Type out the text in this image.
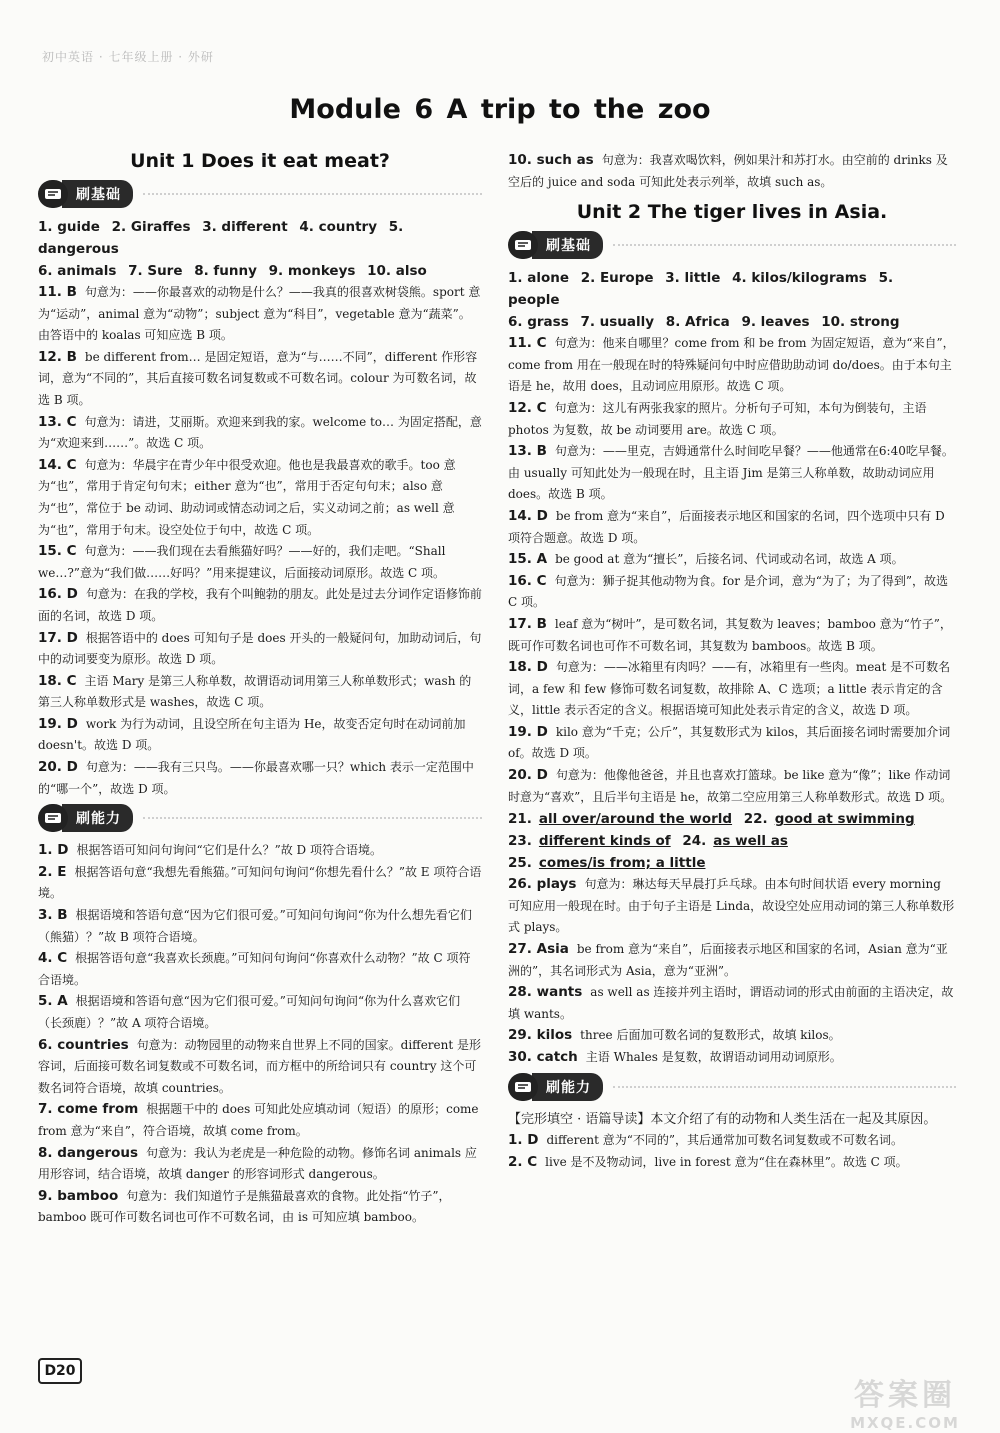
初中英语 · 七年级上册 · 外研
Module 6 A trip to the zoo
Unit 1 Does it eat meat?
刷基础
1. guide 2. Giraffes 3. different 4. country 5. dangerous
6. animals 7. Sure 8. funny 9. monkeys 10. also

11. B 句意为：——你最喜欢的动物是什么？——我真的很喜欢树袋熊。sport 意为“运动”，animal 意为“动物”；subject 意为“科目”，vegetable 意为“蔬菜”。由答语中的 koalas 可知应选 B 项。

12. B be different from… 是固定短语，意为“与……不同”，different 作形容词，意为“不同的”，其后直接可数名词复数或不可数名词。colour 为可数名词，故选 B 项。

13. C 句意为：请进，艾丽斯。欢迎来到我的家。welcome to… 为固定搭配，意为“欢迎来到……”。故选 C 项。

14. C 句意为：华晨宇在青少年中很受欢迎。他也是我最喜欢的歌手。too 意为“也”，常用于肯定句句末；either 意为“也”，常用于否定句句末；also 意为“也”，常位于 be 动词、助动词或情态动词之后，实义动词之前；as well 意为“也”，常用于句末。设空处位于句中，故选 C 项。

15. C 句意为：——我们现在去看熊猫好吗？——好的，我们走吧。“Shall we…?”意为“我们做……好吗？”用来提建议，后面接动词原形。故选 C 项。

16. D 句意为：在我的学校，我有个叫鲍勃的朋友。此处是过去分词作定语修饰前面的名词，故选 D 项。

17. D 根据答语中的 does 可知句子是 does 开头的一般疑问句，加助动词后，句中的动词要变为原形。故选 D 项。

18. C 主语 Mary 是第三人称单数，故谓语动词用第三人称单数形式；wash 的第三人称单数形式是 washes，故选 C 项。

19. D work 为行为动词，且设空所在句主语为 He，故变否定句时在动词前加 doesn't。故选 D 项。

20. D 句意为：——我有三只鸟。——你最喜欢哪一只？which 表示一定范围中的“哪一个”，故选 D 项。

刷能力

1. D 根据答语可知问句询问“它们是什么？”故 D 项符合语境。

2. E 根据答语句意“我想先看熊猫。”可知问句询问“你想先看什么？”故 E 项符合语境。

3. B 根据语境和答语句意“因为它们很可爱。”可知问句询问“你为什么想先看它们（熊猫）？”故 B 项符合语境。

4. C 根据答语句意“我喜欢长颈鹿。”可知问句询问“你喜欢什么动物？”故 C 项符合语境。

5. A 根据语境和答语句意“因为它们很可爱。”可知问句询问“你为什么喜欢它们（长颈鹿）？”故 A 项符合语境。

6. countries 句意为：动物园里的动物来自世界上不同的国家。different 是形容词，后面接可数名词复数或不可数名词，而方框中的所给词只有 country 这个可数名词符合语境，故填 countries。

7. come from 根据题干中的 does 可知此处应填动词（短语）的原形；come from 意为“来自”，符合语境，故填 come from。

8. dangerous 句意为：我认为老虎是一种危险的动物。修饰名词 animals 应用形容词，结合语境，故填 danger 的形容词形式 dangerous。

9. bamboo 句意为：我们知道竹子是熊猫最喜欢的食物。此处指“竹子”，bamboo 既可作可数名词也可作不可数名词，由 is 可知应填 bamboo。

10. such as 句意为：我喜欢喝饮料，例如果汁和苏打水。由空前的 drinks 及空后的 juice and soda 可知此处表示列举，故填 such as。

Unit 2 The tiger lives in Asia.
刷基础
1. alone 2. Europe 3. little 4. kilos/kilograms 5. people
6. grass 7. usually 8. Africa 9. leaves 10. strong

11. C 句意为：他来自哪里？come from 和 be from 为固定短语，意为“来自”，come from 用在一般现在时的特殊疑问句中时应借助助动词 do/does。由于本句主语是 he，故用 does，且动词应用原形。故选 C 项。

12. C 句意为：这儿有两张我家的照片。分析句子可知，本句为倒装句，主语 photos 为复数，故 be 动词要用 are。故选 C 项。

13. B 句意为：——里克，吉姆通常什么时间吃早餐？——他通常在6:40吃早餐。由 usually 可知此处为一般现在时，且主语 Jim 是第三人称单数，故助动词应用 does。故选 B 项。

14. D be from 意为“来自”，后面接表示地区和国家的名词，四个选项中只有 D 项符合题意。故选 D 项。

15. A be good at 意为“擅长”，后接名词、代词或动名词，故选 A 项。

16. C 句意为：狮子捉其他动物为食。for 是介词，意为“为了；为了得到”，故选 C 项。

17. B leaf 意为“树叶”，是可数名词，其复数为 leaves；bamboo 意为“竹子”，既可作可数名词也可作不可数名词，其复数为 bamboos。故选 B 项。

18. D 句意为：——冰箱里有肉吗？——有，冰箱里有一些肉。meat 是不可数名词，a few 和 few 修饰可数名词复数，故排除 A、C 选项；a little 表示肯定的含义，little 表示否定的含义。根据语境可知此处表示肯定的含义，故选 D 项。

19. D kilo 意为“千克；公斤”，其复数形式为 kilos，其后面接名词时需要加介词 of。故选 D 项。

20. D 句意为：他像他爸爸，并且也喜欢打篮球。be like 意为“像”；like 作动词时意为“喜欢”，且后半句主语是 he，故第二空应用第三人称单数形式。故选 D 项。

21. all over/around the world 22. good at swimming
23. different kinds of 24. as well as
25. comes/is from; a little

26. plays 句意为：琳达每天早晨打乒乓球。由本句时间状语 every morning 可知应用一般现在时。由于句子主语是 Linda，故设空处应用动词的第三人称单数形式 plays。

27. Asia be from 意为“来自”，后面接表示地区和国家的名词，Asian 意为“亚洲的”，其名词形式为 Asia，意为“亚洲”。

28. wants as well as 连接并列主语时，谓语动词的形式由前面的主语决定，故填 wants。

29. kilos three 后面加可数名词的复数形式，故填 kilos。

30. catch 主语 Whales 是复数，故谓语动词用动词原形。

刷能力
【完形填空 · 语篇导读】本文介绍了有的动物和人类生活在一起及其原因。

1. D different 意为“不同的”，其后通常加可数名词复数或不可数名词。

2. C live 是不及物动词，live in forest 意为“住在森林里”。故选 C 项。

D20
答案圈
MXQE.COM
